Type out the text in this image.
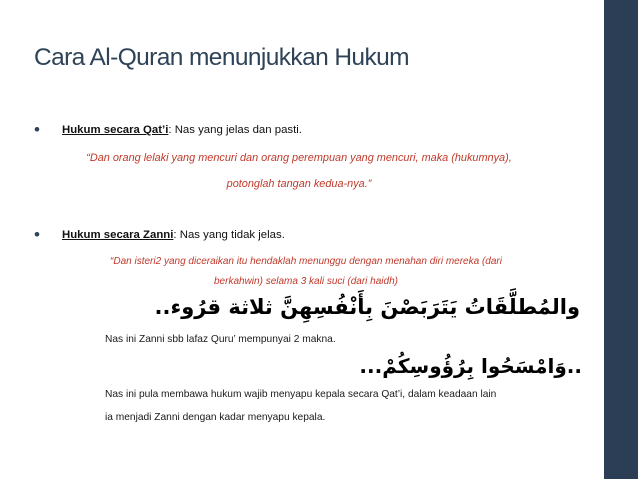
Cara Al-Quran menunjukkan Hukum
• Hukum secara Qat’i: Nas yang jelas dan pasti.
“Dan orang lelaki yang mencuri dan orang perempuan yang mencuri, maka (hukumnya),
potonglah tangan kedua-nya.”
• Hukum secara Zanni: Nas yang tidak jelas.
“Dan isteri2 yang diceraikan itu hendaklah menunggu dengan menahan diri mereka (dari
berkahwin) selama 3 kali suci (dari haidh)
والمُطلَّقَاتُ يَتَرَبَصْنَ بِأَنْفُسِهِنَّ ثلاثة قرُوء..
Nas ini Zanni sbb lafaz Quru’ mempunyai 2 makna.
..وَامْسَحُوا بِرُؤُوسِكُمْ...
Nas ini pula membawa hukum wajib menyapu kepala secara Qat’i, dalam keadaan lain
ia menjadi Zanni dengan kadar menyapu kepala.
